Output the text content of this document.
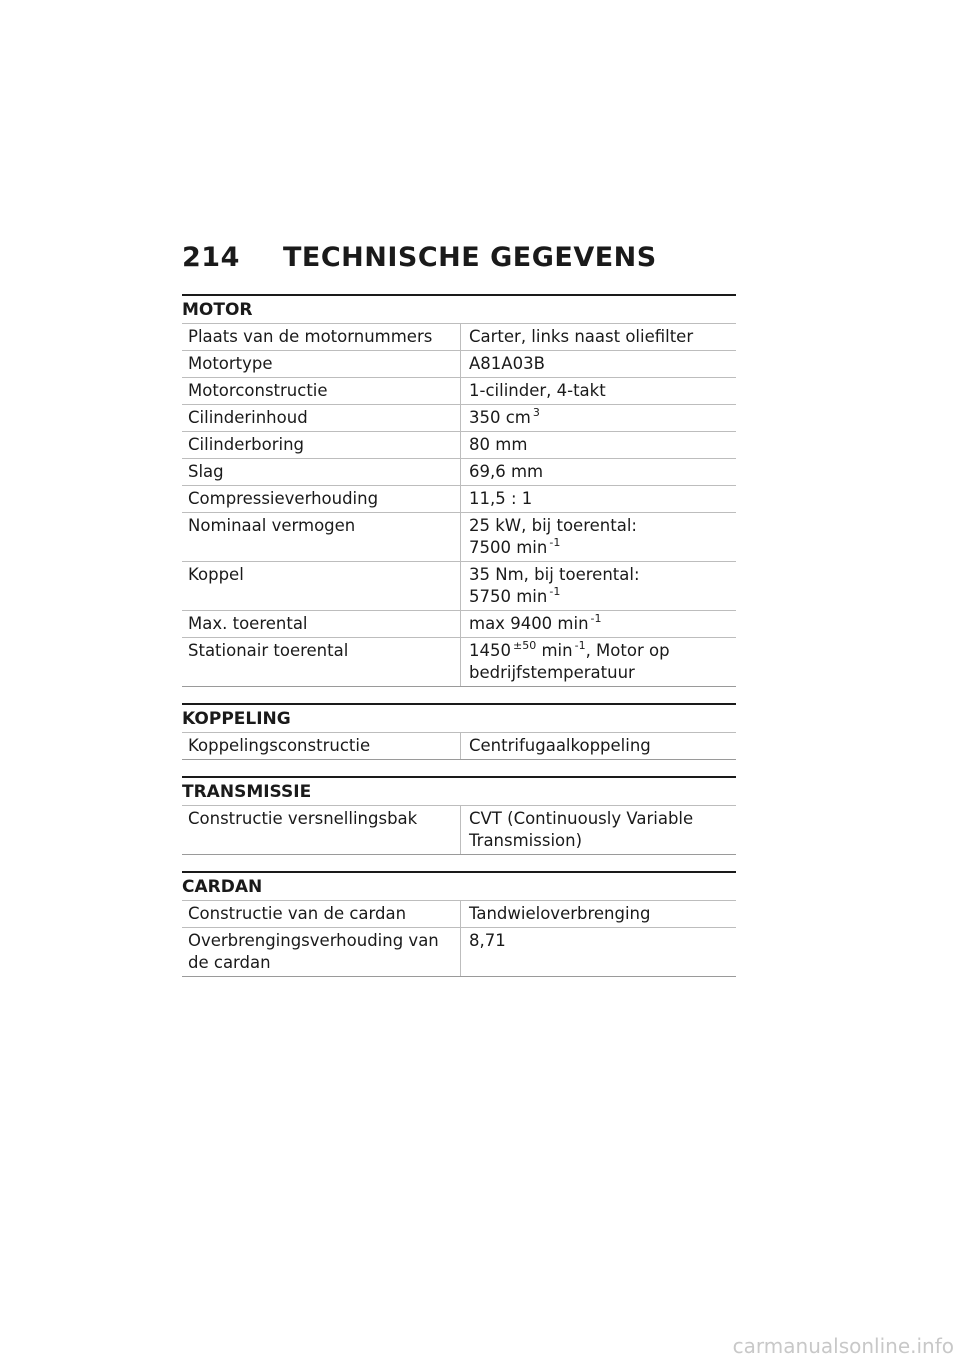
214 TECHNISCHE GEGEVENS
MOTOR
Plaats van de motornummers	Carter, links naast oliefilter
Motortype	A81A03B
Motorconstructie	1-cilinder, 4-takt
Cilinderinhoud	350 cm $^3$
Cilinderboring	80 mm
Slag	69,6 mm
Compressieverhouding	11,5 : 1
Nominaal vermogen	25 kW, bij toerental:
7500 min $^{-1}$
Koppel	35 Nm, bij toerental:
5750 min $^{-1}$
Max. toerental	max 9400 min $^{-1}$
Stationair toerental	1450 $^{\pm 50}$ min $^{-1}$, Motor op
bedrijfstemperatuur
KOPPELING
Koppelingsconstructie	Centrifugaalkoppeling
TRANSMISSIE
Constructie versnellingsbak	CVT (Continuously Variable
Transmission)
CARDAN
Constructie van de cardan	Tandwieloverbrenging
Overbrengingsverhouding van
de cardan	8,71
carmanualsonline.info
